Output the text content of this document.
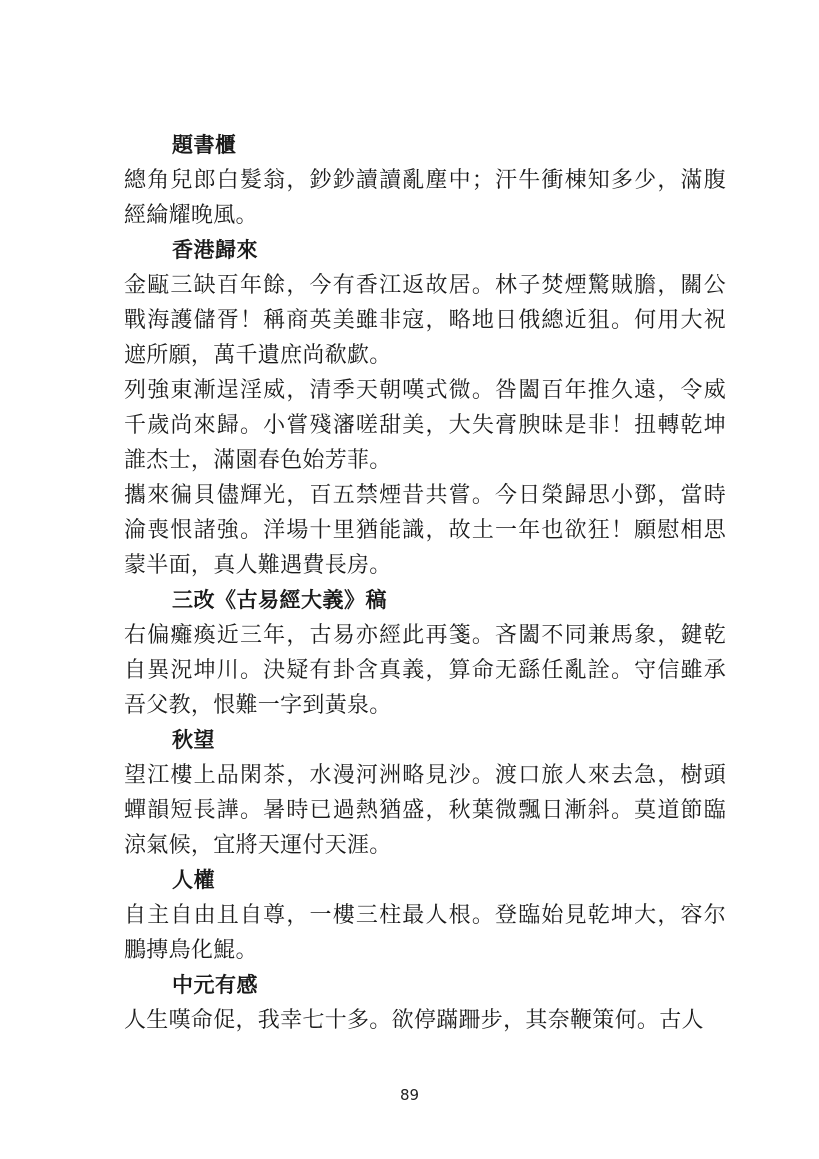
題書櫃

總角兒郎白髮翁，鈔鈔讀讀亂塵中；汗牛衝棟知多少，滿腹經綸耀晚風。

香港歸來

金甌三缺百年餘，今有香江返故居。林子焚煙驚賊膽，關公戰海護儲胥！稱商英美雖非寇，略地日俄總近狙。何用大祝遮所願，萬千遺庶尚欷歔。

列強東漸逞淫威，清季天朝嘆式微。咎闔百年推久遠，令威千歲尚來歸。小嘗殘瀋嗟甜美，大失膏腴昧是非！扭轉乾坤誰杰士，滿園春色始芳菲。

攜來徧貝儘輝光，百五禁煙昔共嘗。今日榮歸思小鄧，當時淪喪恨諸強。洋場十里猶能識，故土一年也欲狂！願慰相思蒙半面，真人難遇費長房。

三改《古易經大義》稿

右偏癱瘓近三年，古易亦經此再箋。吝闔不同兼馬象，鍵乾自異況坤川。決疑有卦含真義，算命无繇任亂詮。守信雖承吾父教，恨難一字到黃泉。

秋望

望江樓上品閑茶，水漫河洲略見沙。渡口旅人來去急，樹頭蟬韻短長譁。暑時已過熱猶盛，秋葉微飄日漸斜。莫道節臨涼氣候，宜將天運付天涯。

人權

自主自由且自尊，一樓三柱最人根。登臨始見乾坤大，容尔鵬摶鳥化鯤。

中元有感

人生嘆命促，我幸七十多。欲停蹣跚步，其奈鞭策何。古人

89
